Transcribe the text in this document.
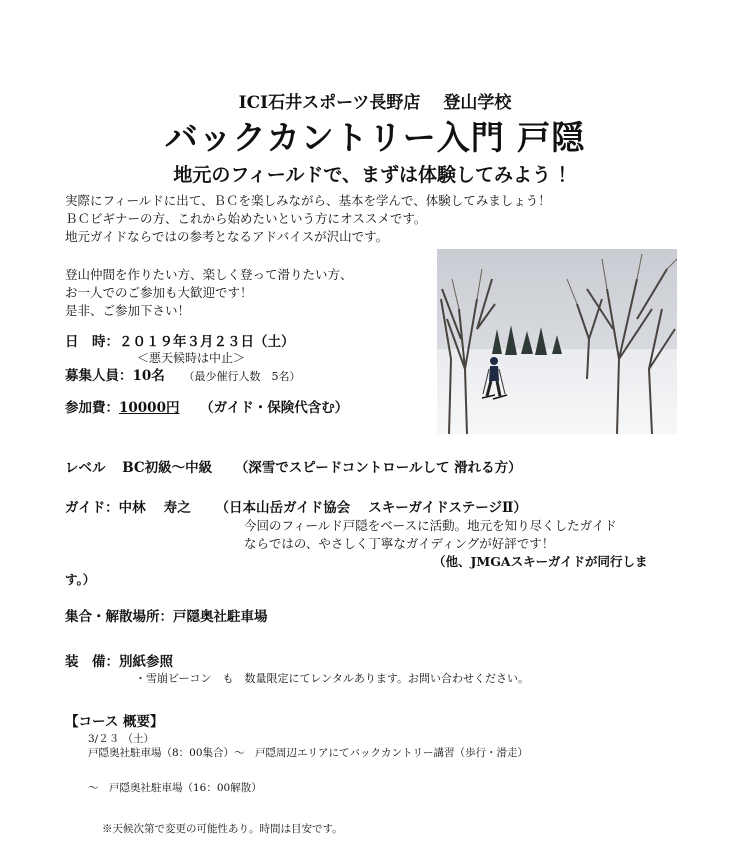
ICI石井スポーツ長野店　 登山学校
バックカントリー入門 戸隠
地元のフィールドで、まずは体験してみよう ！
実際にフィールドに出て、ＢＣを楽しみながら、基本を学んで、体験してみましょう！
ＢＣビギナーの方、これから始めたいという方にオススメです。
地元ガイドならではの参考となるアドバイスが沢山です。
登山仲間を作りたい方、楽しく登って滑りたい方、
お一人でのご参加も大歓迎です！
是非、ご参加下さい！
日　時：２０１９年３月２３日（土）
＜悪天候時は中止＞
募集人員：10名 （最少催行人数　5名）
参加費：10000円 （ガイド・保険代含む）
レベル BC初級〜中級 （深雪でスピードコントロールして 滑れる方）
ガイド：中林　 寿之 （日本山岳ガイド協会　 スキーガイドステージⅡ）
今回のフィールド戸隠をベースに活動。地元を知り尽くしたガイド
ならではの、やさしく丁寧なガイディングが好評です！
（他、JMGAスキーガイドが同行しま
す。）
集合・解散場所：戸隠奥社駐車場
装　備：別紙参照
・雪崩ビーコン　も　数量限定にてレンタルあります。お問い合わせください。
【コース 概要】
3/２３ （土）
戸隠奥社駐車場（8：00集合）〜　戸隠周辺エリアにてバックカントリー講習（歩行・滑走）
〜　戸隠奥社駐車場（16：00解散）
※天候次第で変更の可能性あり。時間は目安です。
